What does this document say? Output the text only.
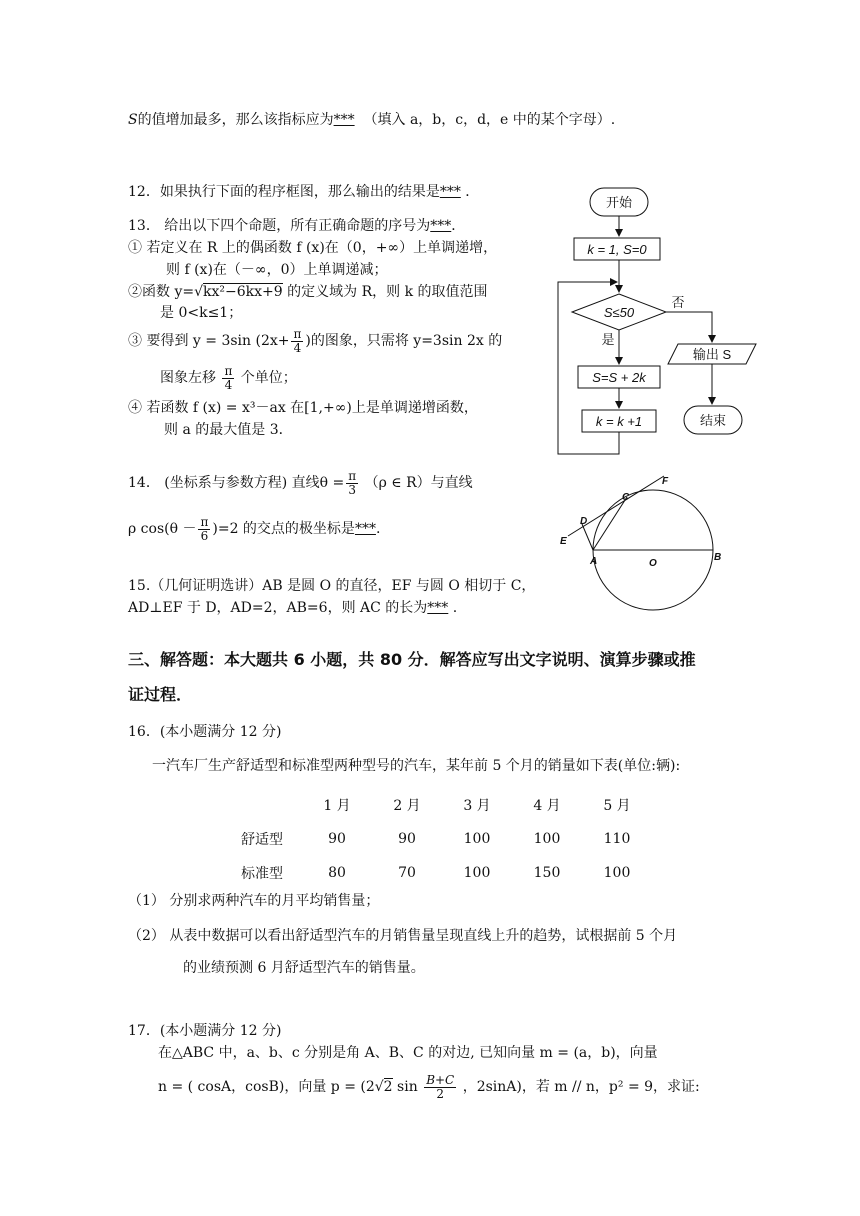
S的值增加最多，那么该指标应为*** （填入 a，b，c，d，e 中的某个字母）.
12．如果执行下面的程序框图，那么输出的结果是*** ．
13． 给出以下四个命题，所有正确命题的序号为***．
① 若定义在 R 上的偶函数 f (x)在（0，+∞）上单调递增，
则 f (x)在（－∞，0）上单调递减；
②函数 y=√kx²−6kx+9 的定义域为 R，则 k 的取值范围
是 0<k≤1；
③ 要得到 y = 3sin ($2x+ \frac{\pi}{4}$ )的图象，只需将 y=3sin 2x 的
图象左移 $\frac{\pi}{4}$ 个单位；
④ 若函数 f (x) = x³－ax 在[1,+∞)上是单调递增函数，
则 a 的最大值是 3．
14． (坐标系与参数方程) 直线$\theta = \frac{\pi}{3} (\rho$ ∈ R）与直线
ρ $\cos(\theta - \frac{\pi}{6} )=2$ 的交点的极坐标是***.
15.（几何证明选讲）AB 是圆 O 的直径，EF 与圆 O 相切于 C，
AD⊥EF 于 D，AD=2，AB=6，则 AC 的长为*** .
三、解答题：本大题共 6 小题，共 80 分．解答应写出文字说明、演算步骤或推
证过程．
16．(本小题满分 12 分)
一汽车厂生产舒适型和标准型两种型号的汽车，某年前 5 个月的销量如下表(单位:辆):
	1 月	2 月	3 月	4 月	5 月
舒适型	90	90	100	100	110
标准型	80	70	100	150	100
（1） 分别求两种汽车的月平均销售量；
（2） 从表中数据可以看出舒适型汽车的月销售量呈现直线上升的趋势，试根据前 5 个月
的业绩预测 6 月舒适型汽车的销售量。
17．(本小题满分 12 分)
在△ABC 中，a、b、c 分别是角 A、B、C 的对边, 已知向量 m = (a，b)，向量
n = ( cosA，cosB)，向量 p = (2√2 $\sin \frac{B+C}{2}$ ，2sinA)，若 m // n，p² = 9，求证:
开始
k = 1, S=0
S≤50
否
是
S=S + 2k
k = k +1
输出 S
结束
F
C
D
E
A	O
B
